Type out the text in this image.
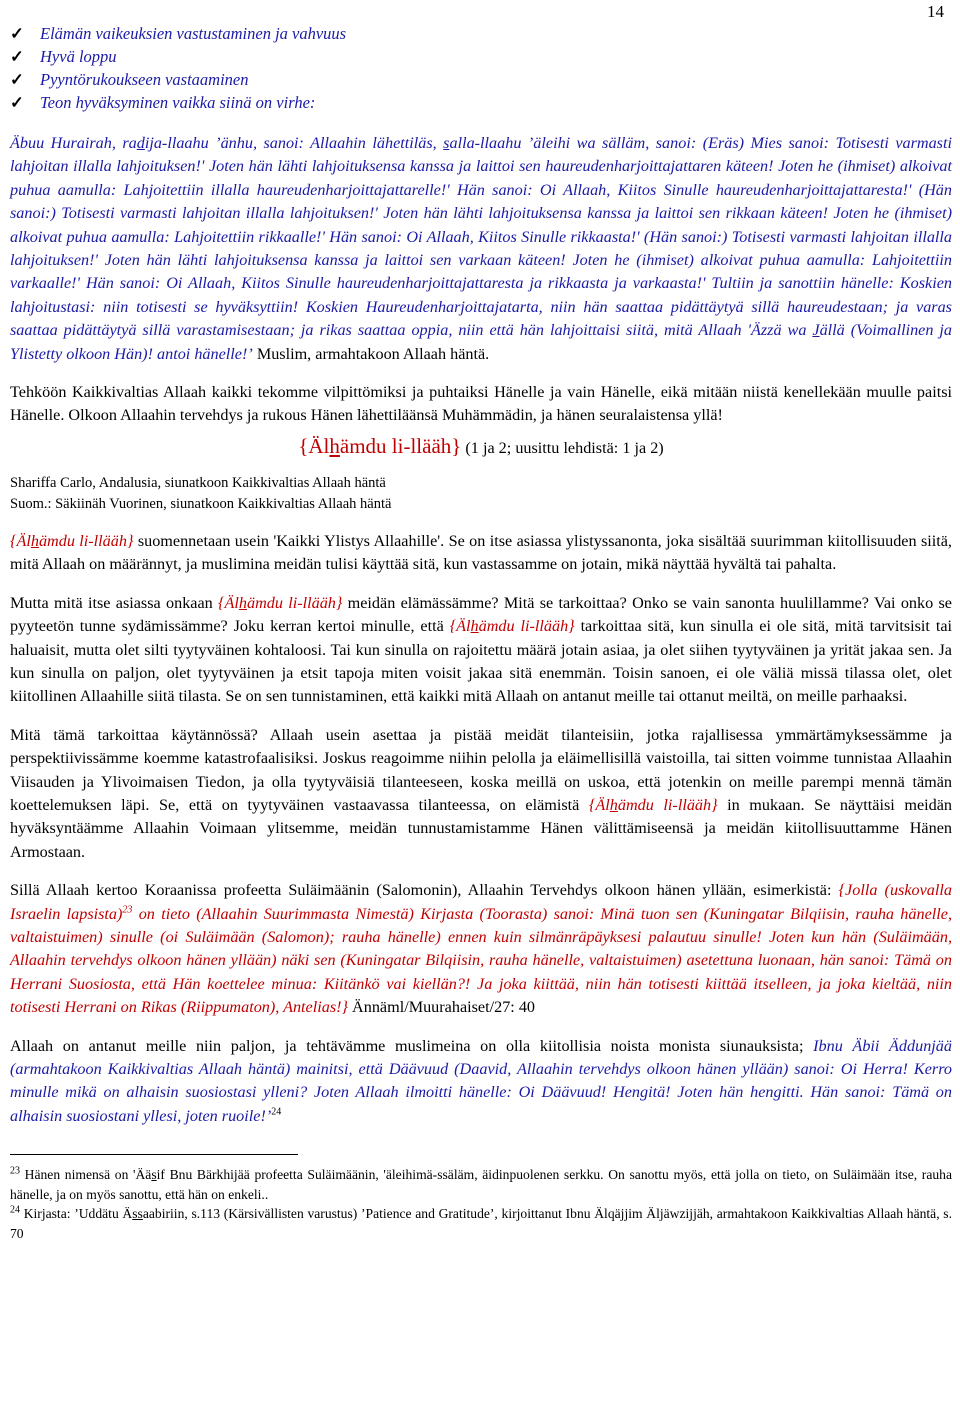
14
✓ Elämän vaikeuksien vastustaminen ja vahvuus
✓ Hyvä loppu
✓ Pyyntörukoukseen vastaaminen
✓ Teon hyväksyminen vaikka siinä on virhe:

Äbuu Hurairah, radija-llaahu ’änhu, sanoi: Allaahin lähettiläs, salla-llaahu ’äleihi wa sälläm, sanoi: (Eräs) Mies sanoi: Totisesti varmasti lahjoitan illalla lahjoituksen!' Joten hän lähti lahjoituksensa kanssa ja laittoi sen haureudenharjoittajattaren käteen! Joten he (ihmiset) alkoivat puhua aamulla: Lahjoitettiin illalla haureudenharjoittajattarelle!' Hän sanoi: Oi Allaah, Kiitos Sinulle haureudenharjoittajattaresta!' (Hän sanoi:) Totisesti varmasti lahjoitan illalla lahjoituksen!' Joten hän lähti lahjoituksensa kanssa ja laittoi sen rikkaan käteen! Joten he (ihmiset) alkoivat puhua aamulla: Lahjoitettiin rikkaalle!' Hän sanoi: Oi Allaah, Kiitos Sinulle rikkaasta!' (Hän sanoi:) Totisesti varmasti lahjoitan illalla lahjoituksen!' Joten hän lähti lahjoituksensa kanssa ja laittoi sen varkaan käteen! Joten he (ihmiset) alkoivat puhua aamulla: Lahjoitettiin varkaalle!' Hän sanoi: Oi Allaah, Kiitos Sinulle haureudenharjoittajattaresta ja rikkaasta ja varkaasta!' Tultiin ja sanottiin hänelle: Koskien lahjoitustasi: niin totisesti se hyväksyttiin! Koskien Haureudenharjoittajatarta, niin hän saattaa pidättäytyä sillä haureudestaan; ja varas saattaa pidättäytyä sillä varastamisestaan; ja rikas saattaa oppia, niin että hän lahjoittaisi siitä, mitä Allaah 'Äzzä wa Jällä (Voimallinen ja Ylistetty olkoon Hän)! antoi hänelle!’ Muslim, armahtakoon Allaah häntä.

Tehköön Kaikkivaltias Allaah kaikki tekomme vilpittömiksi ja puhtaiksi Hänelle ja vain Hänelle, eikä mitään niistä kenellekään muulle paitsi Hänelle. Olkoon Allaahin tervehdys ja rukous Hänen lähettiläänsä Muhämmädin, ja hänen seuralaistensa yllä!

{Älhämdu li-llääh} (1 ja 2; uusittu lehdistä: 1 ja 2)
Shariffa Carlo, Andalusia, siunatkoon Kaikkivaltias Allaah häntä
Suom.: Säkiinäh Vuorinen, siunatkoon Kaikkivaltias Allaah häntä

{Älhämdu li-llääh} suomennetaan usein 'Kaikki Ylistys Allaahille'. Se on itse asiassa ylistyssanonta, joka sisältää suurimman kiitollisuuden siitä, mitä Allaah on määrännyt, ja muslimina meidän tulisi käyttää sitä, kun vastassamme on jotain, mikä näyttää hyvältä tai pahalta.

Mutta mitä itse asiassa onkaan {Älhämdu li-llääh} meidän elämässämme? Mitä se tarkoittaa? Onko se vain sanonta huulillamme? Vai onko se pyyteetön tunne sydämissämme? Joku kerran kertoi minulle, että {Älhämdu li-llääh} tarkoittaa sitä, kun sinulla ei ole sitä, mitä tarvitsisit tai haluaisit, mutta olet silti tyytyväinen kohtaloosi. Tai kun sinulla on rajoitettu määrä jotain asiaa, ja olet siihen tyytyväinen ja yrität jakaa sen. Ja kun sinulla on paljon, olet tyytyväinen ja etsit tapoja miten voisit jakaa sitä enemmän. Toisin sanoen, ei ole väliä missä tilassa olet, olet kiitollinen Allaahille siitä tilasta. Se on sen tunnistaminen, että kaikki mitä Allaah on antanut meille tai ottanut meiltä, on meille parhaaksi.

Mitä tämä tarkoittaa käytännössä? Allaah usein asettaa ja pistää meidät tilanteisiin, jotka rajallisessa ymmärtämyksessämme ja perspektiivissämme koemme katastrofaalisiksi. Joskus reagoimme niihin pelolla ja eläimellisillä vaistoilla, tai sitten voimme tunnistaa Allaahin Viisauden ja Ylivoimaisen Tiedon, ja olla tyytyväisiä tilanteeseen, koska meillä on uskoa, että jotenkin on meille parempi mennä tämän koettelemuksen läpi. Se, että on tyytyväinen vastaavassa tilanteessa, on elämistä {Älhämdu li-llääh} in mukaan. Se näyttäisi meidän hyväksyntäämme Allaahin Voimaan ylitsemme, meidän tunnustamistamme Hänen välittämiseensä ja meidän kiitollisuuttamme Hänen Armostaan.

Sillä Allaah kertoo Koraanissa profeetta Suläimäänin (Salomonin), Allaahin Tervehdys olkoon hänen yllään, esimerkistä: {Jolla (uskovalla Israelin lapsista)$^{23}$ on tieto (Allaahin Suurimmasta Nimestä) Kirjasta (Toorasta) sanoi: Minä tuon sen (Kuningatar Bilqiisin, rauha hänelle, valtaistuimen) sinulle (oi Suläimään (Salomon); rauha hänelle) ennen kuin silmänräpäyksesi palautuu sinulle! Joten kun hän (Suläimään, Allaahin tervehdys olkoon hänen yllään) näki sen (Kuningatar Bilqiisin, rauha hänelle, valtaistuimen) asetettuna luonaan, hän sanoi: Tämä on Herrani Suosiosta, että Hän koettelee minua: Kiitänkö vai kiellän?! Ja joka kiittää, niin hän totisesti kiittää itselleen, ja joka kieltää, niin totisesti Herrani on Rikas (Riippumaton), Antelias!} Ännäml/Muurahaiset/27: 40

Allaah on antanut meille niin paljon, ja tehtävämme muslimeina on olla kiitollisia noista monista siunauksista; Ibnu Äbii Äddunjää (armahtakoon Kaikkivaltias Allaah häntä) mainitsi, että Däävuud (Daavid, Allaahin tervehdys olkoon hänen yllään) sanoi: Oi Herra! Kerro minulle mikä on alhaisin suosiostasi ylleni? Joten Allaah ilmoitti hänelle: Oi Däävuud! Hengitä! Joten hän hengitti. Hän sanoi: Tämä on alhaisin suosiostani yllesi, joten ruoile!’$^{24}$

$^{23}$ Hänen nimensä on 'Ääsif Bnu Bärkhijää profeetta Suläimäänin, 'äleihimä-ssäläm, äidinpuolenen serkku. On sanottu myös, että jolla on tieto, on Suläimään itse, rauha hänelle, ja on myös sanottu, että hän on enkeli..

$^{24}$ Kirjasta: ’Uddätu Ässaabiriin, s.113 (Kärsivällisten varustus) ’Patience and Gratitude’, kirjoittanut Ibnu Älqäjjim Äljäwzijjäh, armahtakoon Kaikkivaltias Allaah häntä, s. 70
